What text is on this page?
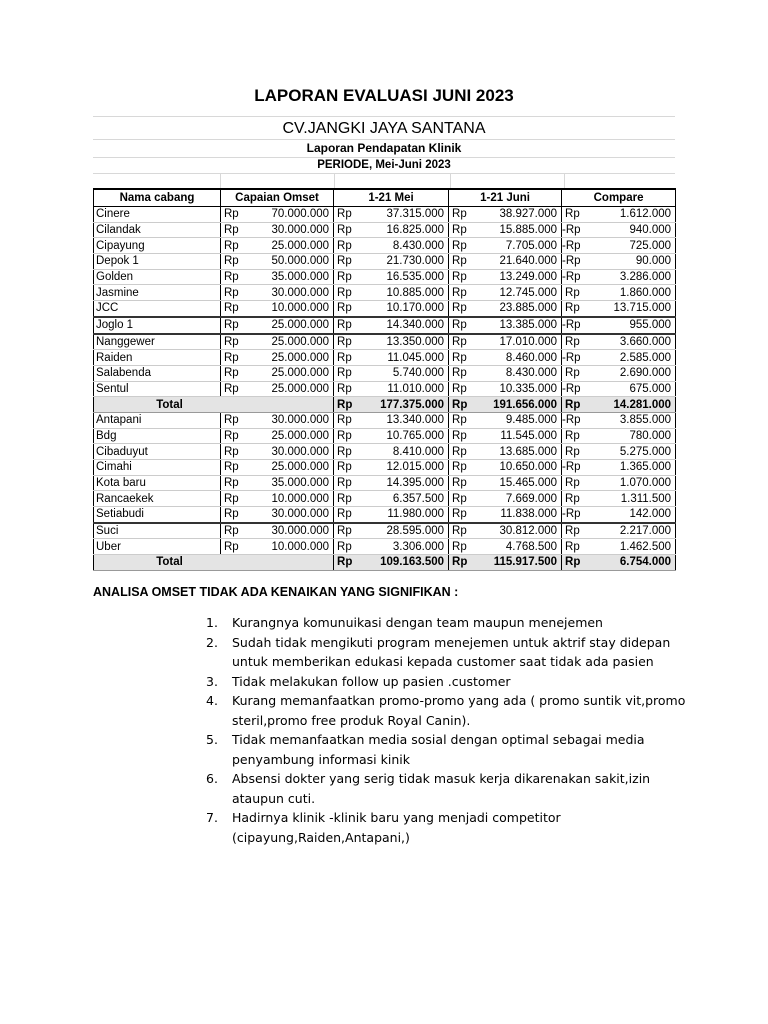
LAPORAN EVALUASI JUNI 2023
CV.JANGKI JAYA SANTANA
Laporan Pendapatan Klinik
PERIODE, Mei-Juni 2023
Nama cabang	Capaian Omset		1-21 Mei		1-21 Juni		Compare	
Cinere	Rp	70.000.000	Rp	37.315.000	Rp	38.927.000	Rp	1.612.000
Cilandak	Rp	30.000.000	Rp	16.825.000	Rp	15.885.000	-Rp	940.000
Cipayung	Rp	25.000.000	Rp	8.430.000	Rp	7.705.000	-Rp	725.000
Depok 1	Rp	50.000.000	Rp	21.730.000	Rp	21.640.000	-Rp	90.000
Golden	Rp	35.000.000	Rp	16.535.000	Rp	13.249.000	-Rp	3.286.000
Jasmine	Rp	30.000.000	Rp	10.885.000	Rp	12.745.000	Rp	1.860.000
JCC	Rp	10.000.000	Rp	10.170.000	Rp	23.885.000	Rp	13.715.000
Joglo 1	Rp	25.000.000	Rp	14.340.000	Rp	13.385.000	-Rp	955.000
Nanggewer	Rp	25.000.000	Rp	13.350.000	Rp	17.010.000	Rp	3.660.000
Raiden	Rp	25.000.000	Rp	11.045.000	Rp	8.460.000	-Rp	2.585.000
Salabenda	Rp	25.000.000	Rp	5.740.000	Rp	8.430.000	Rp	2.690.000
Sentul	Rp	25.000.000	Rp	11.010.000	Rp	10.335.000	-Rp	675.000
Total			Rp	177.375.000	Rp	191.656.000	Rp	14.281.000
Antapani	Rp	30.000.000	Rp	13.340.000	Rp	9.485.000	-Rp	3.855.000
Bdg	Rp	25.000.000	Rp	10.765.000	Rp	11.545.000	Rp	780.000
Cibaduyut	Rp	30.000.000	Rp	8.410.000	Rp	13.685.000	Rp	5.275.000
Cimahi	Rp	25.000.000	Rp	12.015.000	Rp	10.650.000	-Rp	1.365.000
Kota baru	Rp	35.000.000	Rp	14.395.000	Rp	15.465.000	Rp	1.070.000
Rancaekek	Rp	10.000.000	Rp	6.357.500	Rp	7.669.000	Rp	1.311.500
Setiabudi	Rp	30.000.000	Rp	11.980.000	Rp	11.838.000	-Rp	142.000
Suci	Rp	30.000.000	Rp	28.595.000	Rp	30.812.000	Rp	2.217.000
Uber	Rp	10.000.000	Rp	3.306.000	Rp	4.768.500	Rp	1.462.500
Total			Rp	109.163.500	Rp	115.917.500	Rp	6.754.000
ANALISA OMSET TIDAK ADA KENAIKAN YANG SIGNIFIKAN :
1.	Kurangnya komunuikasi dengan team maupun menejemen
2.	Sudah tidak mengikuti program menejemen untuk aktrif stay didepan untuk memberikan edukasi kepada customer saat tidak ada pasien
3.	Tidak melakukan follow up pasien .customer
4.	Kurang memanfaatkan promo-promo yang ada ( promo suntik vit,promo steril,promo free produk Royal Canin).
5.	Tidak memanfaatkan media sosial dengan optimal sebagai media penyambung informasi kinik
6.	Absensi dokter yang serig tidak masuk kerja dikarenakan sakit,izin ataupun cuti.
7.	Hadirnya klinik -klinik baru yang menjadi competitor (cipayung,Raiden,Antapani,)
